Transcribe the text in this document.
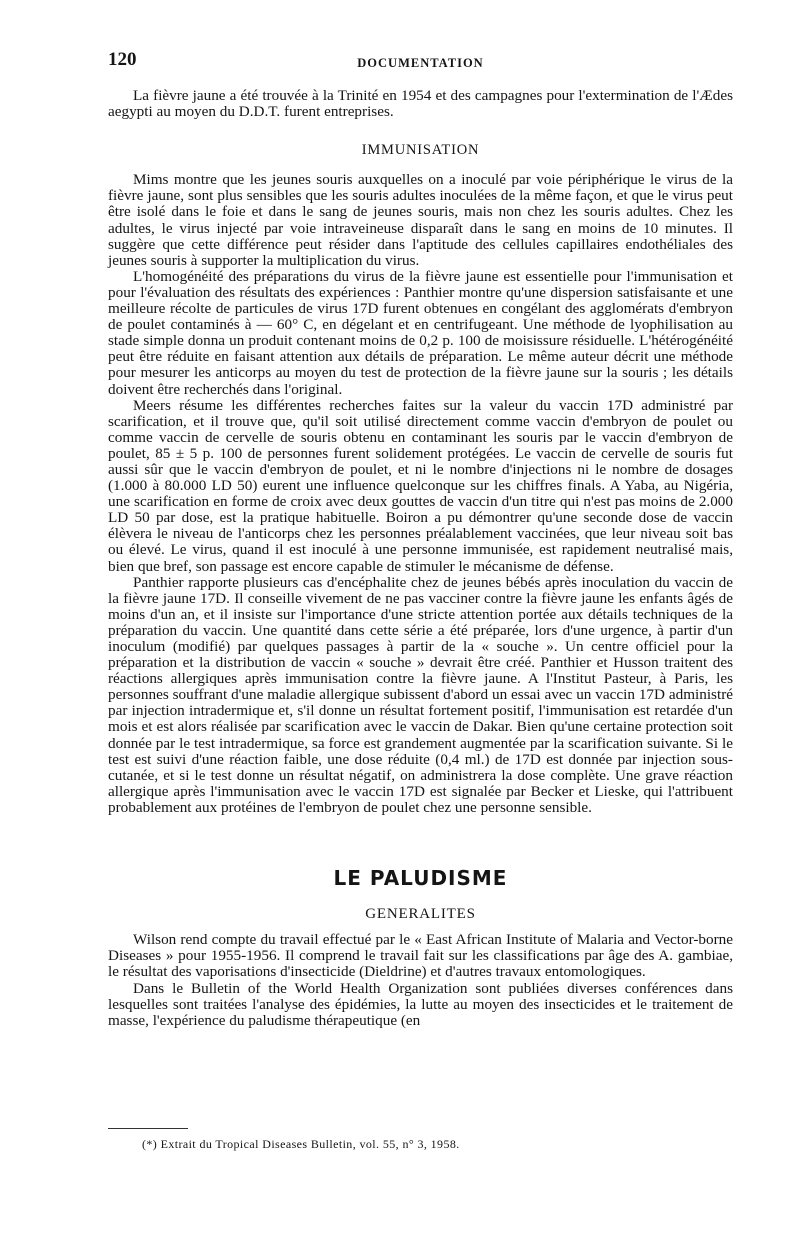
120	DOCUMENTATION

La fièvre jaune a été trouvée à la Trinité en 1954 et des campagnes pour l'extermination de l'Ædes aegypti au moyen du D.D.T. furent entreprises.

IMMUNISATION

Mims montre que les jeunes souris auxquelles on a inoculé par voie périphérique le virus de la fièvre jaune, sont plus sensibles que les souris adultes inoculées de la même façon, et que le virus peut être isolé dans le foie et dans le sang de jeunes souris, mais non chez les souris adultes. Chez les adultes, le virus injecté par voie intraveineuse disparaît dans le sang en moins de 10 minutes. Il suggère que cette différence peut résider dans l'aptitude des cellules capillaires endothéliales des jeunes souris à supporter la multiplication du virus.

L'homogénéité des préparations du virus de la fièvre jaune est essentielle pour l'immunisation et pour l'évaluation des résultats des expériences : Panthier montre qu'une dispersion satisfaisante et une meilleure récolte de particules de virus 17D furent obtenues en congélant des agglomérats d'embryon de poulet contaminés à — 60° C, en dégelant et en centrifugeant. Une méthode de lyophilisation au stade simple donna un produit contenant moins de 0,2 p. 100 de moisissure résiduelle. L'hétérogénéité peut être réduite en faisant attention aux détails de préparation. Le même auteur décrit une méthode pour mesurer les anticorps au moyen du test de protection de la fièvre jaune sur la souris ; les détails doivent être recherchés dans l'original.

Meers résume les différentes recherches faites sur la valeur du vaccin 17D administré par scarification, et il trouve que, qu'il soit utilisé directement comme vaccin d'embryon de poulet ou comme vaccin de cervelle de souris obtenu en contaminant les souris par le vaccin d'embryon de poulet, 85 ± 5 p. 100 de personnes furent solidement protégées. Le vaccin de cervelle de souris fut aussi sûr que le vaccin d'embryon de poulet, et ni le nombre d'injections ni le nombre de dosages (1.000 à 80.000 LD 50) eurent une influence quelconque sur les chiffres finals. A Yaba, au Nigéria, une scarification en forme de croix avec deux gouttes de vaccin d'un titre qui n'est pas moins de 2.000 LD 50 par dose, est la pratique habituelle. Boiron a pu démontrer qu'une seconde dose de vaccin élèvera le niveau de l'anticorps chez les personnes préalablement vaccinées, que leur niveau soit bas ou élevé. Le virus, quand il est inoculé à une personne immunisée, est rapidement neutralisé mais, bien que bref, son passage est encore capable de stimuler le mécanisme de défense.

Panthier rapporte plusieurs cas d'encéphalite chez de jeunes bébés après inoculation du vaccin de la fièvre jaune 17D. Il conseille vivement de ne pas vacciner contre la fièvre jaune les enfants âgés de moins d'un an, et il insiste sur l'importance d'une stricte attention portée aux détails techniques de la préparation du vaccin. Une quantité dans cette série a été préparée, lors d'une urgence, à partir d'un inoculum (modifié) par quelques passages à partir de la « souche ». Un centre officiel pour la préparation et la distribution de vaccin « souche » devrait être créé. Panthier et Husson traitent des réactions allergiques après immunisation contre la fièvre jaune. A l'Institut Pasteur, à Paris, les personnes souffrant d'une maladie allergique subissent d'abord un essai avec un vaccin 17D administré par injection intradermique et, s'il donne un résultat fortement positif, l'immunisation est retardée d'un mois et est alors réalisée par scarification avec le vaccin de Dakar. Bien qu'une certaine protection soit donnée par le test intradermique, sa force est grandement augmentée par la scarification suivante. Si le test est suivi d'une réaction faible, une dose réduite (0,4 ml.) de 17D est donnée par injection sous-cutanée, et si le test donne un résultat négatif, on administrera la dose complète. Une grave réaction allergique après l'immunisation avec le vaccin 17D est signalée par Becker et Lieske, qui l'attribuent probablement aux protéines de l'embryon de poulet chez une personne sensible.

LE PALUDISME
GENERALITES

Wilson rend compte du travail effectué par le « East African Institute of Malaria and Vector-borne Diseases » pour 1955-1956. Il comprend le travail fait sur les classifications par âge des A. gambiae, le résultat des vaporisations d'insecticide (Dieldrine) et d'autres travaux entomologiques.

Dans le Bulletin of the World Health Organization sont publiées diverses conférences dans lesquelles sont traitées l'analyse des épidémies, la lutte au moyen des insecticides et le traitement de masse, l'expérience du paludisme thérapeutique (en

(*) Extrait du Tropical Diseases Bulletin, vol. 55, n° 3, 1958.
